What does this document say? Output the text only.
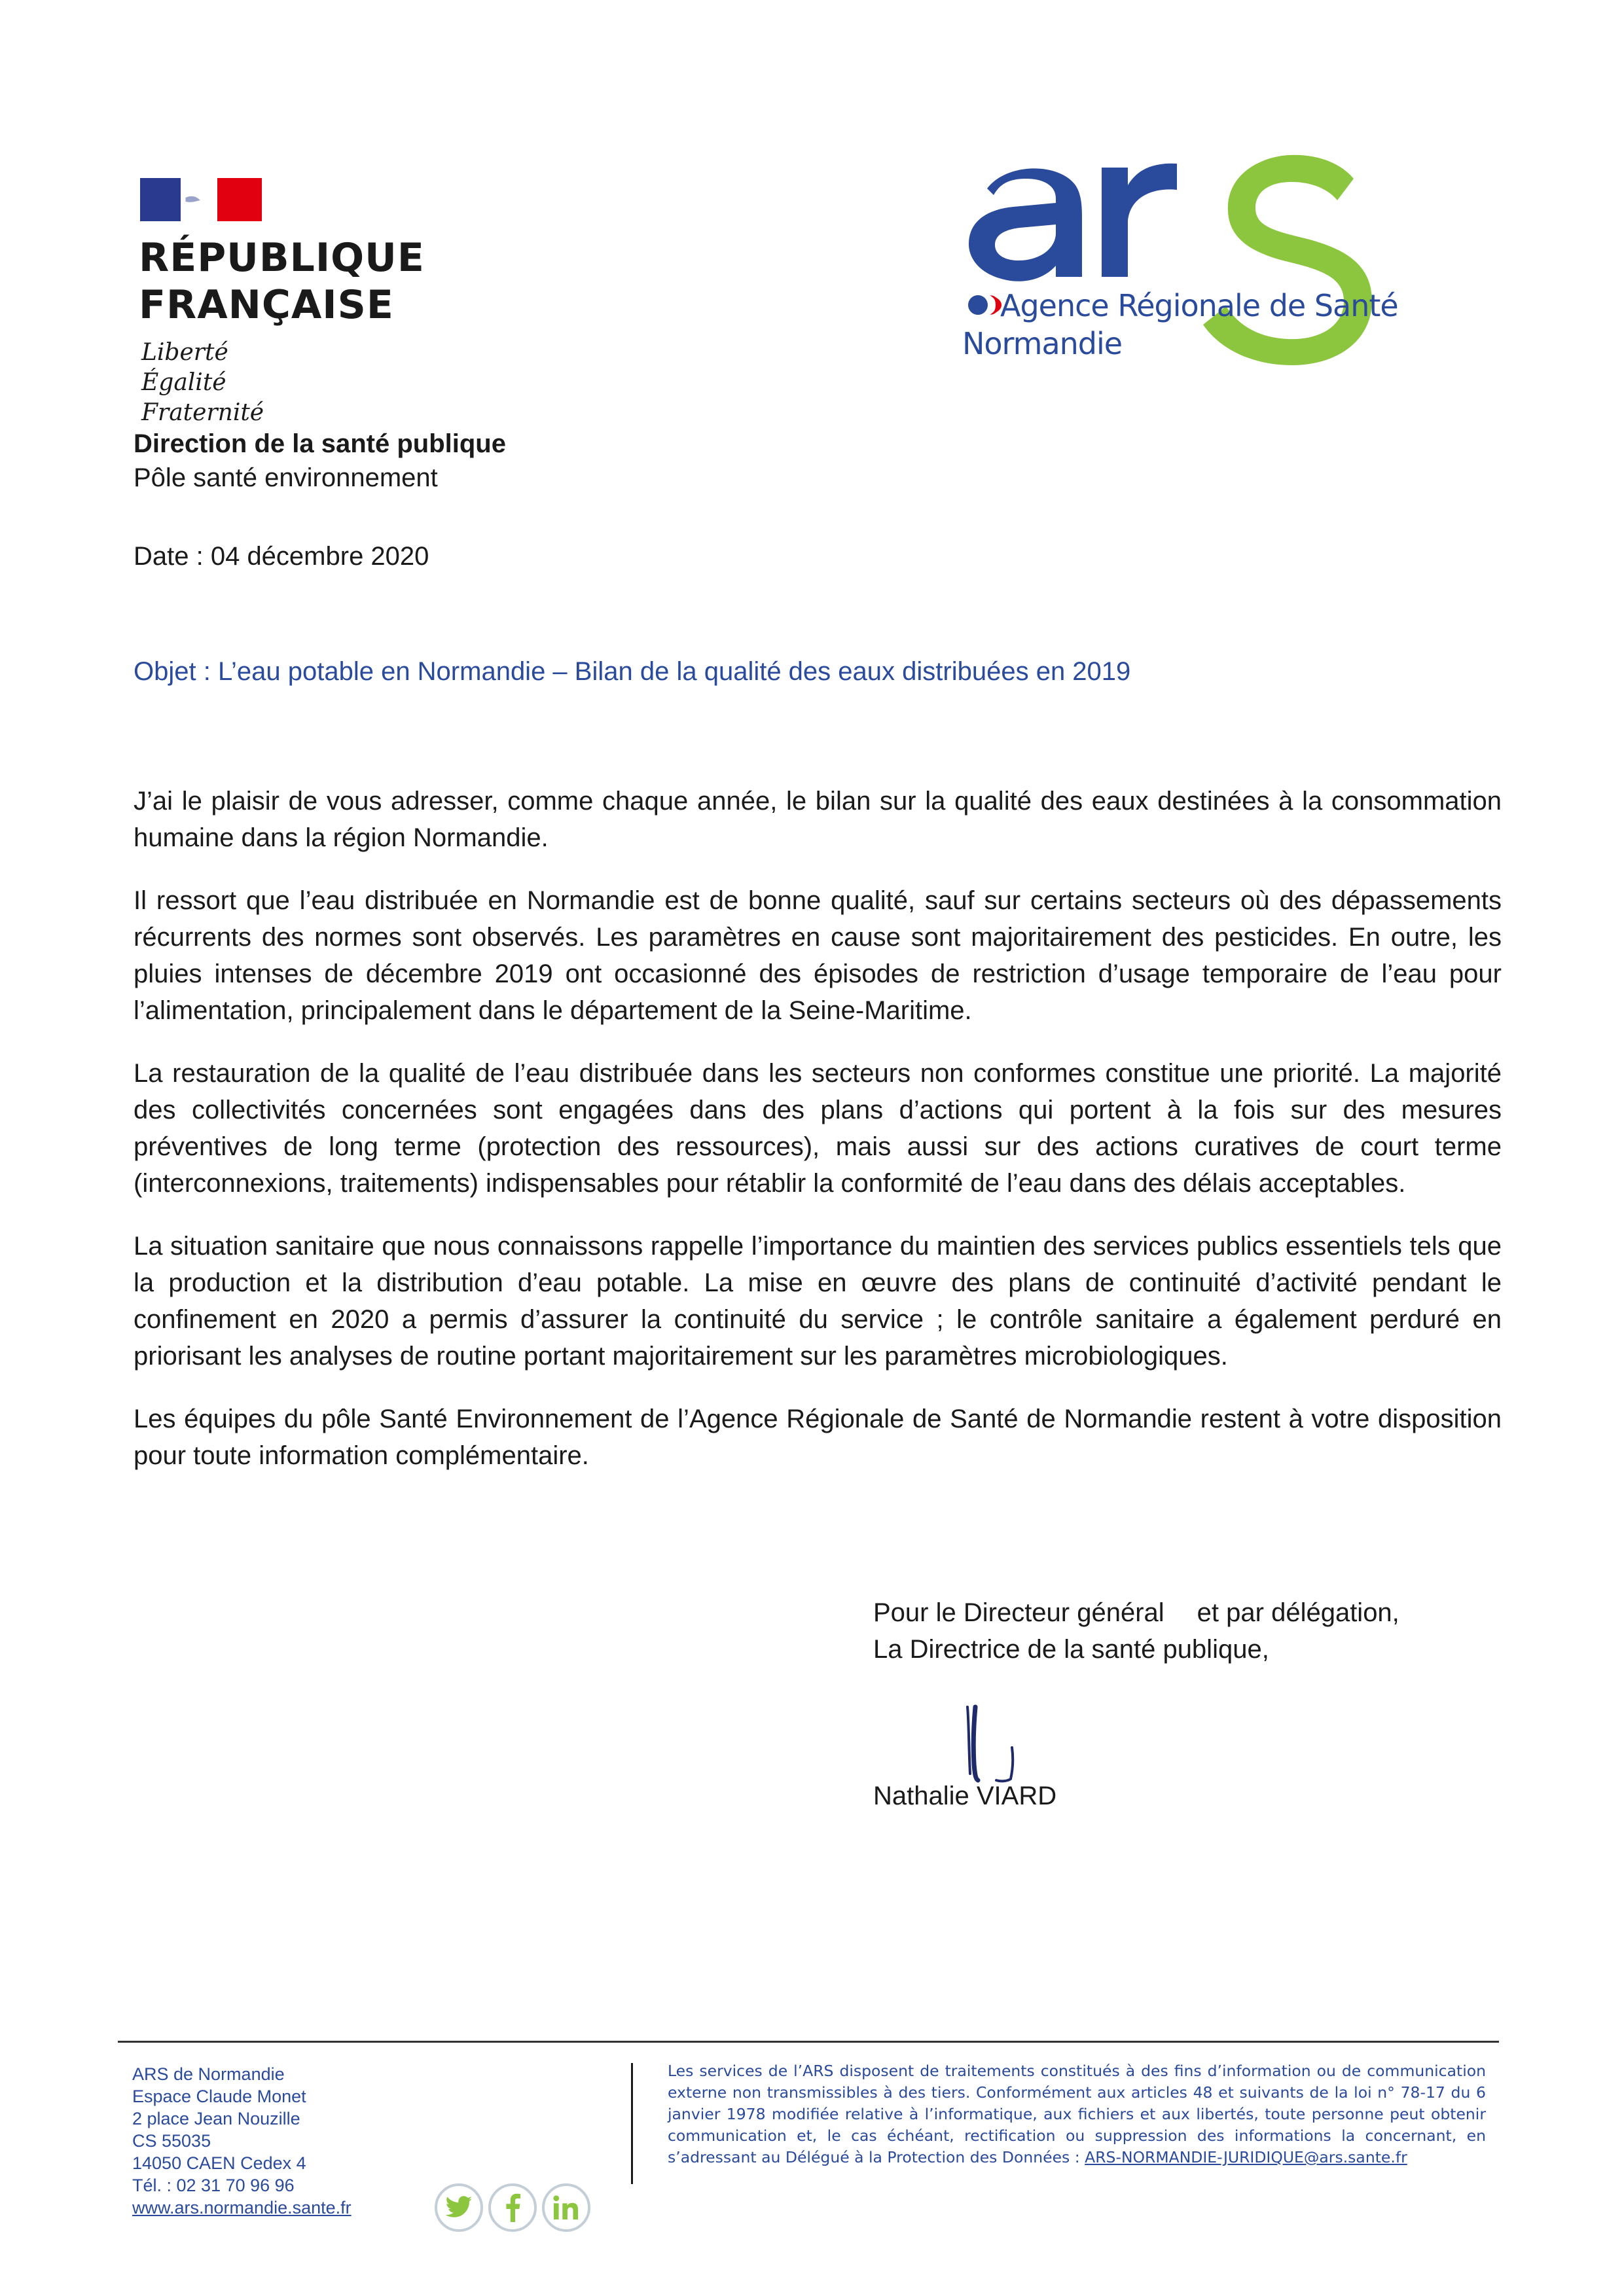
RÉPUBLIQUE
FRANÇAISE
Liberté
Égalité
Fraternité
Agence Régionale de Santé
Normandie
Direction de la santé publique
Pôle santé environnement
Date : 04 décembre 2020
Objet : L’eau potable en Normandie – Bilan de la qualité des eaux distribuées en 2019

J’ai le plaisir de vous adresser, comme chaque année, le bilan sur la qualité des eaux destinées à la consommation humaine dans la région Normandie.

Il ressort que l’eau distribuée en Normandie est de bonne qualité, sauf sur certains secteurs où des dépassements récurrents des normes sont observés. Les paramètres en cause sont majoritairement des pesticides. En outre, les pluies intenses de décembre 2019 ont occasionné des épisodes de restriction d’usage temporaire de l’eau pour l’alimentation, principalement dans le département de la Seine-Maritime.

La restauration de la qualité de l’eau distribuée dans les secteurs non conformes constitue une priorité. La majorité des collectivités concernées sont engagées dans des plans d’actions qui portent à la fois sur des mesures préventives de long terme (protection des ressources), mais aussi sur des actions curatives de court terme (interconnexions, traitements) indispensables pour rétablir la conformité de l’eau dans des délais acceptables.

La situation sanitaire que nous connaissons rappelle l’importance du maintien des services publics essentiels tels que la production et la distribution d’eau potable. La mise en œuvre des plans de continuité d’activité pendant le confinement en 2020 a permis d’assurer la continuité du service ; le contrôle sanitaire a également perduré en priorisant les analyses de routine portant majoritairement sur les paramètres microbiologiques.

Les équipes du pôle Santé Environnement de l’Agence Régionale de Santé de Normandie restent à votre disposition pour toute information complémentaire.

Pour le Directeur général et par délégation,
La Directrice de la santé publique,
Nathalie VIARD
ARS de Normandie
Espace Claude Monet
2 place Jean Nouzille
CS 55035
14050 CAEN Cedex 4
Tél. : 02 31 70 96 96
www.ars.normandie.sante.fr
Les services de l’ARS disposent de traitements constitués à des fins d’information ou de communication externe non transmissibles à des tiers. Conformément aux articles 48 et suivants de la loi n° 78-17 du 6 janvier 1978 modifiée relative à l’informatique, aux fichiers et aux libertés, toute personne peut obtenir communication et, le cas échéant, rectification ou suppression des informations la concernant, en s’adressant au Délégué à la Protection des Données : ARS-NORMANDIE-JURIDIQUE@ars.sante.fr
